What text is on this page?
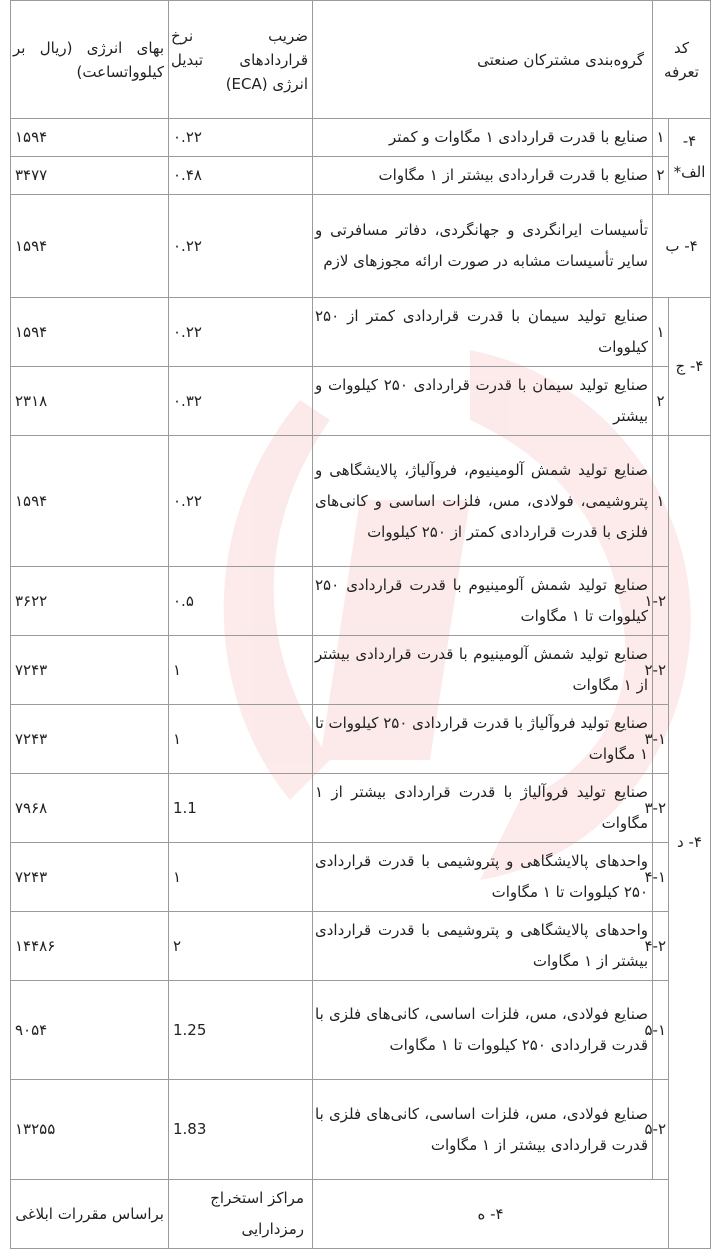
کد تعرفه		گروه‌بندی مشترکان صنعتی	ضریب نرخ قراردادهای تبدیل انرژی (ECA)	بهای انرژی (ریال بر کیلوواتساعت)
۴- الف*	۱	صنایع با قدرت قراردادی ۱ مگاوات و کمتر	۰.۲۲	۱۵۹۴
	۲	صنایع با قدرت قراردادی بیشتر از ۱ مگاوات	۰.۴۸	۳۴۷۷
۴- ب		تأسیسات ایرانگردی و جهانگردی، دفاتر مسافرتی و سایر تأسیسات مشابه در صورت ارائه مجوزهای لازم	۰.۲۲	۱۵۹۴
۴- ج	۱	صنایع تولید سیمان با قدرت قراردادی کمتر از ۲۵۰ کیلووات	۰.۲۲	۱۵۹۴
	۲	صنایع تولید سیمان با قدرت قراردادی ۲۵۰ کیلووات و بیشتر	۰.۳۲	۲۳۱۸
۴- د	۱	صنایع تولید شمش آلومینیوم، فروآلیاژ، پالایشگاهی و پتروشیمی، فولادی، مس، فلزات اساسی و کانی‌های فلزی با قدرت قراردادی کمتر از ۲۵۰ کیلووات	۰.۲۲	۱۵۹۴
	۱-۲	صنایع تولید شمش آلومینیوم با قدرت قراردادی ۲۵۰ کیلووات تا ۱ مگاوات	۰.۵	۳۶۲۲
	۲-۲	صنایع تولید شمش آلومینیوم با قدرت قراردادی بیشتر از ۱ مگاوات	۱	۷۲۴۳
	۳-۱	صنایع تولید فروآلیاژ با قدرت قراردادی ۲۵۰ کیلووات تا ۱ مگاوات	۱	۷۲۴۳
	۳-۲	صنایع تولید فروآلیاژ با قدرت قراردادی بیشتر از ۱ مگاوات	1.1	۷۹۶۸
	۴-۱	واحدهای پالایشگاهی و پتروشیمی با قدرت قراردادی ۲۵۰ کیلووات تا ۱ مگاوات	۱	۷۲۴۳
	۴-۲	واحدهای پالایشگاهی و پتروشیمی با قدرت قراردادی بیشتر از ۱ مگاوات	۲	۱۴۴۸۶
	۵-۱	صنایع فولادی، مس، فلزات اساسی، کانی‌های فلزی با قدرت قراردادی ۲۵۰ کیلووات تا ۱ مگاوات	1.25	۹۰۵۴
	۵-۲	صنایع فولادی، مس، فلزات اساسی، کانی‌های فلزی با قدرت قراردادی بیشتر از ۱ مگاوات	1.83	۱۳۲۵۵
	۴- ه		مراکز استخراج رمزدارایی	براساس مقررات ابلاغی
